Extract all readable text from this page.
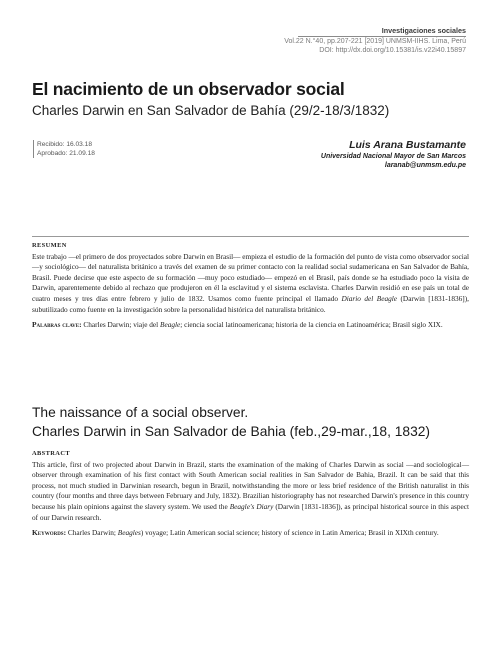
Investigaciones sociales
Vol.22 N.°40, pp.207-221 [2019] UNMSM-IIHS. Lima, Perú
DOI: http://dx.doi.org/10.15381/is.v22i40.15897
El nacimiento de un observador social
Charles Darwin en San Salvador de Bahía (29/2-18/3/1832)
Recibido: 16.03.18
Aprobado: 21.09.18
Luis Arana Bustamante
Universidad Nacional Mayor de San Marcos
laranab@unmsm.edu.pe
RESUMEN
Este trabajo —el primero de dos proyectados sobre Darwin en Brasil— empieza el estudio de la formación del punto de vista como observador social —y sociológico— del naturalista británico a través del examen de su primer contacto con la realidad social sudamericana en San Salvador de Bahía, Brasil. Puede decirse que este aspecto de su formación —muy poco estudiado— empezó en el Brasil, país donde se ha estudiado poco la visita de Darwin, aparentemente debido al rechazo que produjeron en él la esclavitud y el sistema esclavista. Charles Darwin residió en ese país un total de cuatro meses y tres días entre febrero y julio de 1832. Usamos como fuente principal el llamado Diario del Beagle (Darwin [1831-1836]), subutilizado como fuente en la investigación sobre la personalidad histórica del naturalista británico.
Palabras clave: Charles Darwin; viaje del Beagle; ciencia social latinoamericana; historia de la ciencia en Latinoamérica; Brasil siglo XIX.
The naissance of a social observer.
Charles Darwin in San Salvador de Bahia (feb.,29-mar.,18, 1832)
ABSTRACT
This article, first of two projected about Darwin in Brazil, starts the examination of the making of Charles Darwin as social —and sociological— observer through examination of his first contact with South American social realities in San Salvador de Bahia, Brazil. It can be said that this process, not much studied in Darwinian research, begun in Brazil, notwithstanding the more or less brief residence of the British naturalist in this country (four months and three days between February and July, 1832). Brazilian historiography has not researched Darwin's presence in this country because his plain opinions against the slavery system. We used the Beagle's Diary (Darwin [1831-1836]), as principal historical source in this aspect of our Darwin research.
Keywords: Charles Darwin; Beagles) voyage; Latin American social science; history of science in Latin America; Brasil in XIXth century.
